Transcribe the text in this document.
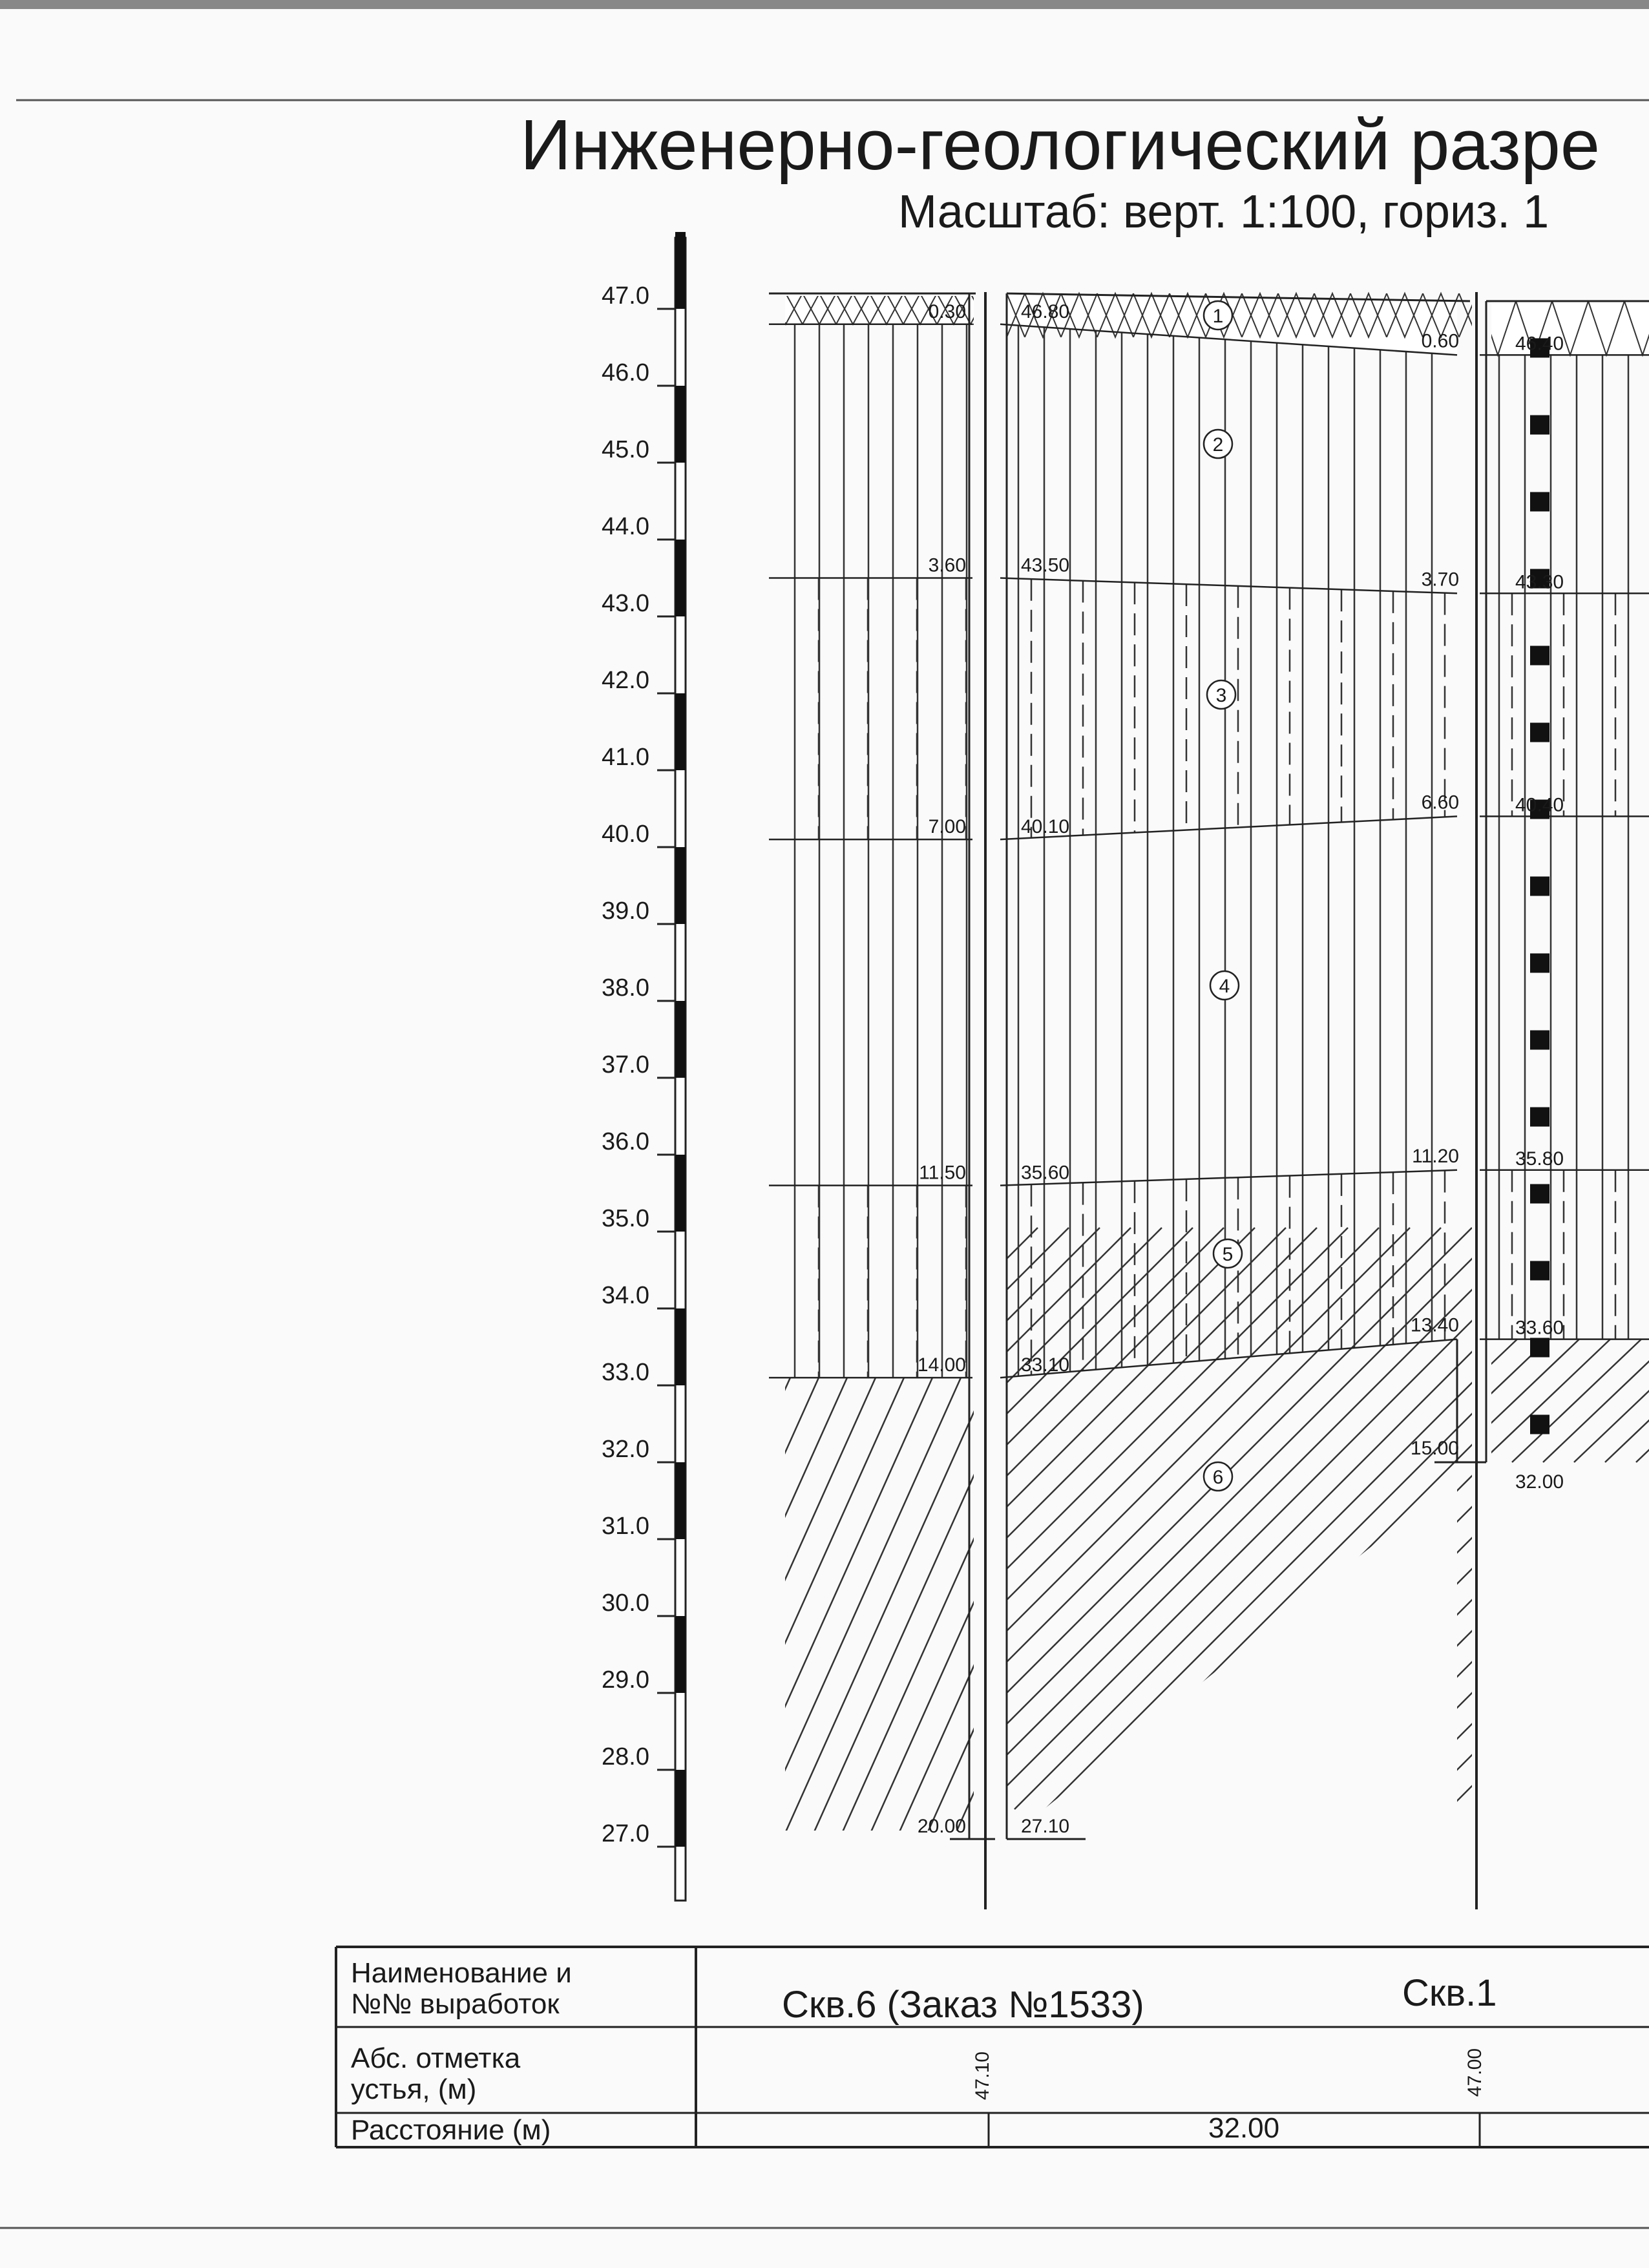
Инженерно-геологический разре
Масштаб: верт. 1:100, гориз. 1
47.0
46.0
45.0
44.0
43.0
42.0
41.0
40.0
39.0
38.0
37.0
36.0
35.0
34.0
33.0
32.0
31.0
30.0
29.0
28.0
27.0
0.30
3.60
7.00
11.50
14.00
20.00
46.80
43.50
40.10
35.60
33.10
27.10
0.60
3.70
6.60
11.20
13.40
15.00
46.40
43.30
40.40
35.80
33.60
32.00
1
2
3
4
5
6
Наименование и №№ выработок
Абс. отметка устья, (м)
Расстояние (м)
Скв.6 (Заказ №1533)	Скв.1
47.10	47.00
32.00
